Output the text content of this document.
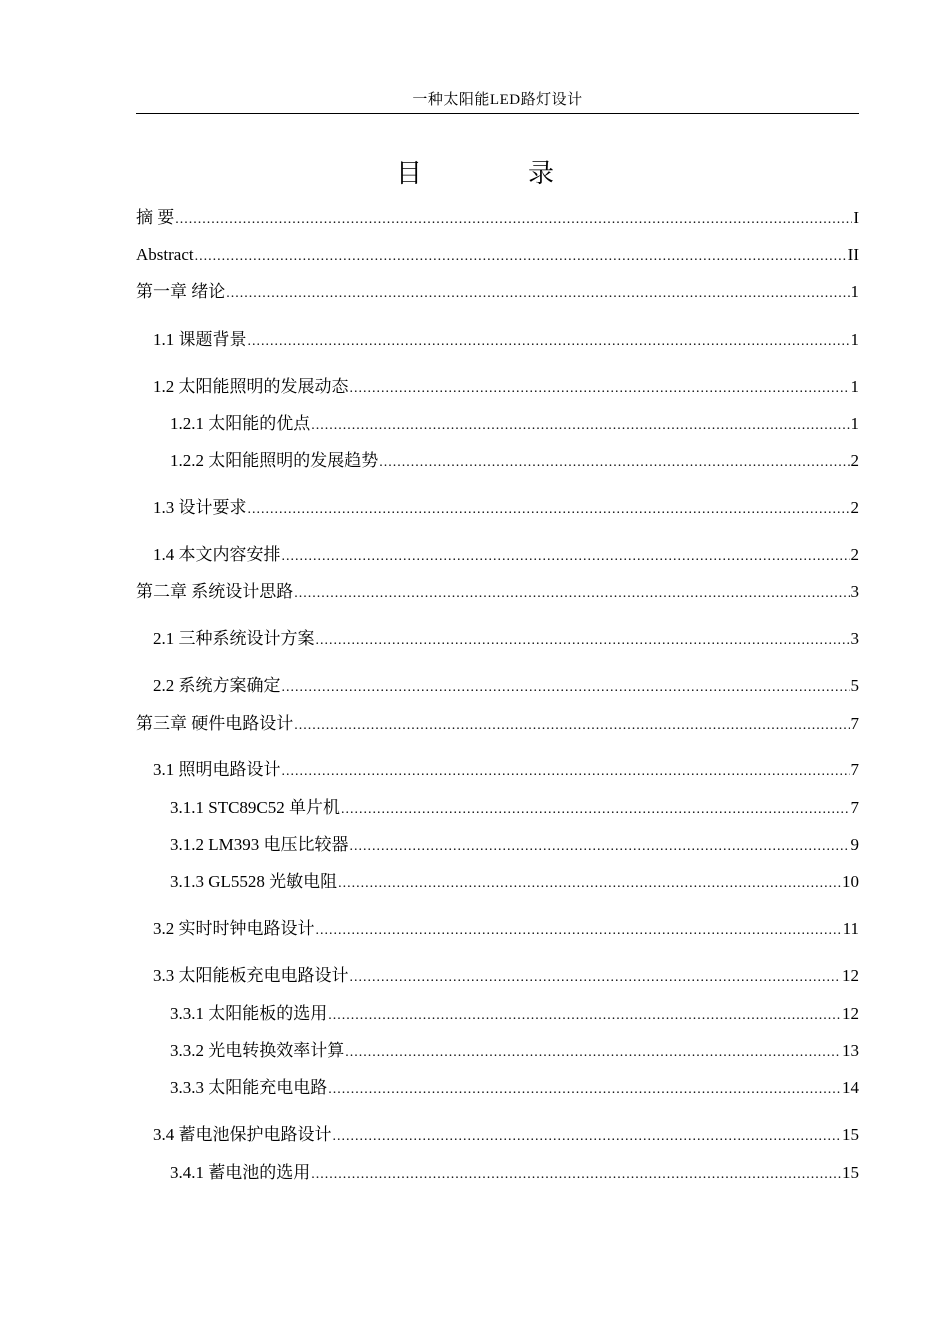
一种太阳能LED路灯设计
目　录
摘 要 .....	I
Abstract .....	II
第一章 绪论 .....	1
1.1 课题背景 .....	1
1.2 太阳能照明的发展动态 .....	1
1.2.1 太阳能的优点 .....	1
1.2.2 太阳能照明的发展趋势 .....	2
1.3 设计要求 .....	2
1.4 本文内容安排 .....	2
第二章 系统设计思路 .....	3
2.1 三种系统设计方案 .....	3
2.2 系统方案确定 .....	5
第三章 硬件电路设计 .....	7
3.1 照明电路设计 .....	7
3.1.1 STC89C52 单片机 .....	7
3.1.2 LM393 电压比较器 .....	9
3.1.3 GL5528 光敏电阻 .....	10
3.2 实时时钟电路设计 .....	11
3.3 太阳能板充电电路设计 .....	12
3.3.1 太阳能板的选用 .....	12
3.3.2 光电转换效率计算 .....	13
3.3.3 太阳能充电电路 .....	14
3.4 蓄电池保护电路设计 .....	15
3.4.1 蓄电池的选用 .....	15
